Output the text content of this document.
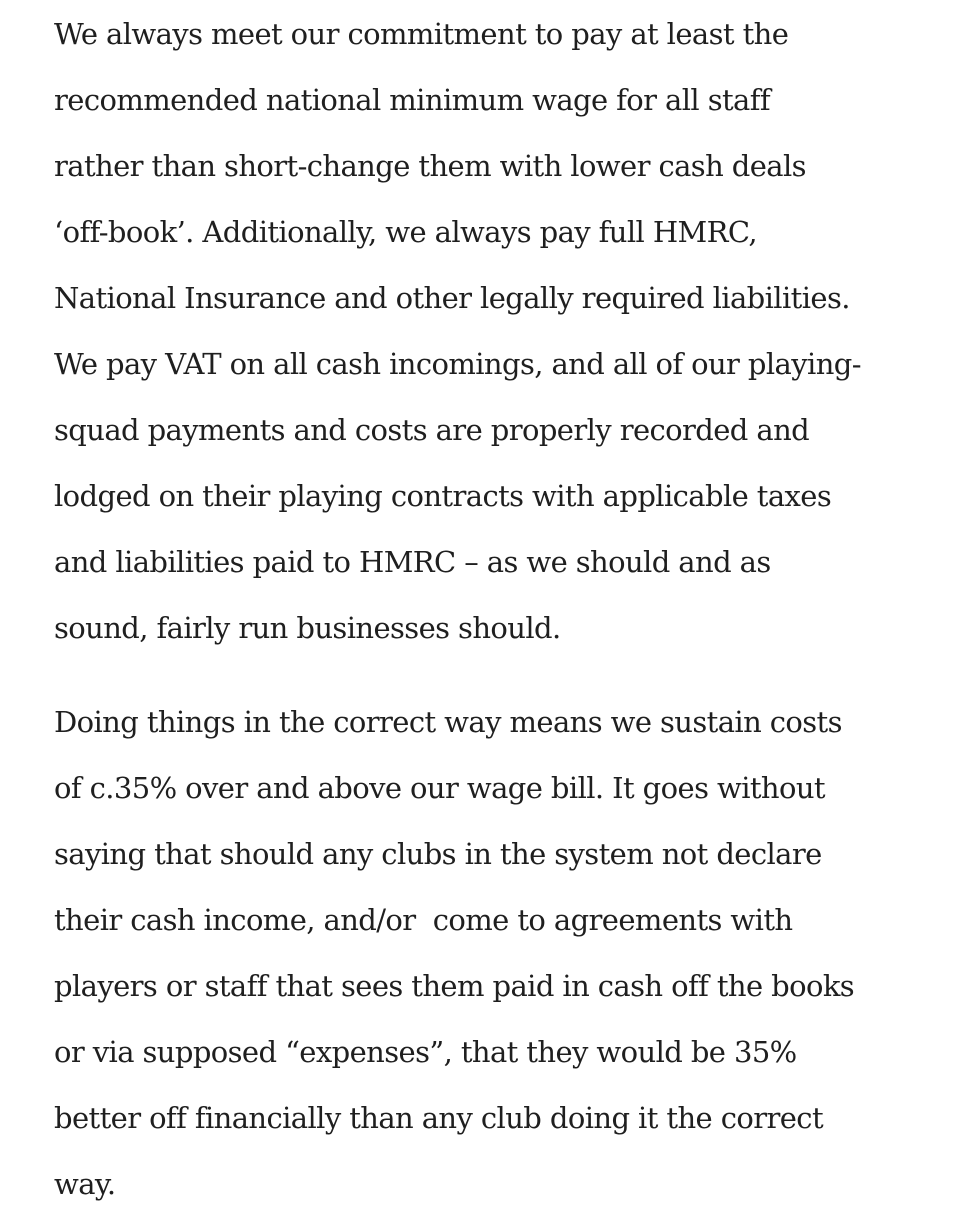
We always meet our commitment to pay at least the
recommended national minimum wage for all staff
rather than short-change them with lower cash deals
‘off-book’. Additionally, we always pay full HMRC,
National Insurance and other legally required liabilities.
We pay VAT on all cash incomings, and all of our playing-
squad payments and costs are properly recorded and
lodged on their playing contracts with applicable taxes
and liabilities paid to HMRC – as we should and as
sound, fairly run businesses should.

Doing things in the correct way means we sustain costs
of c.35% over and above our wage bill. It goes without
saying that should any clubs in the system not declare
their cash income, and/or  come to agreements with
players or staff that sees them paid in cash off the books
or via supposed “expenses”, that they would be 35%
better off financially than any club doing it the correct
way.
